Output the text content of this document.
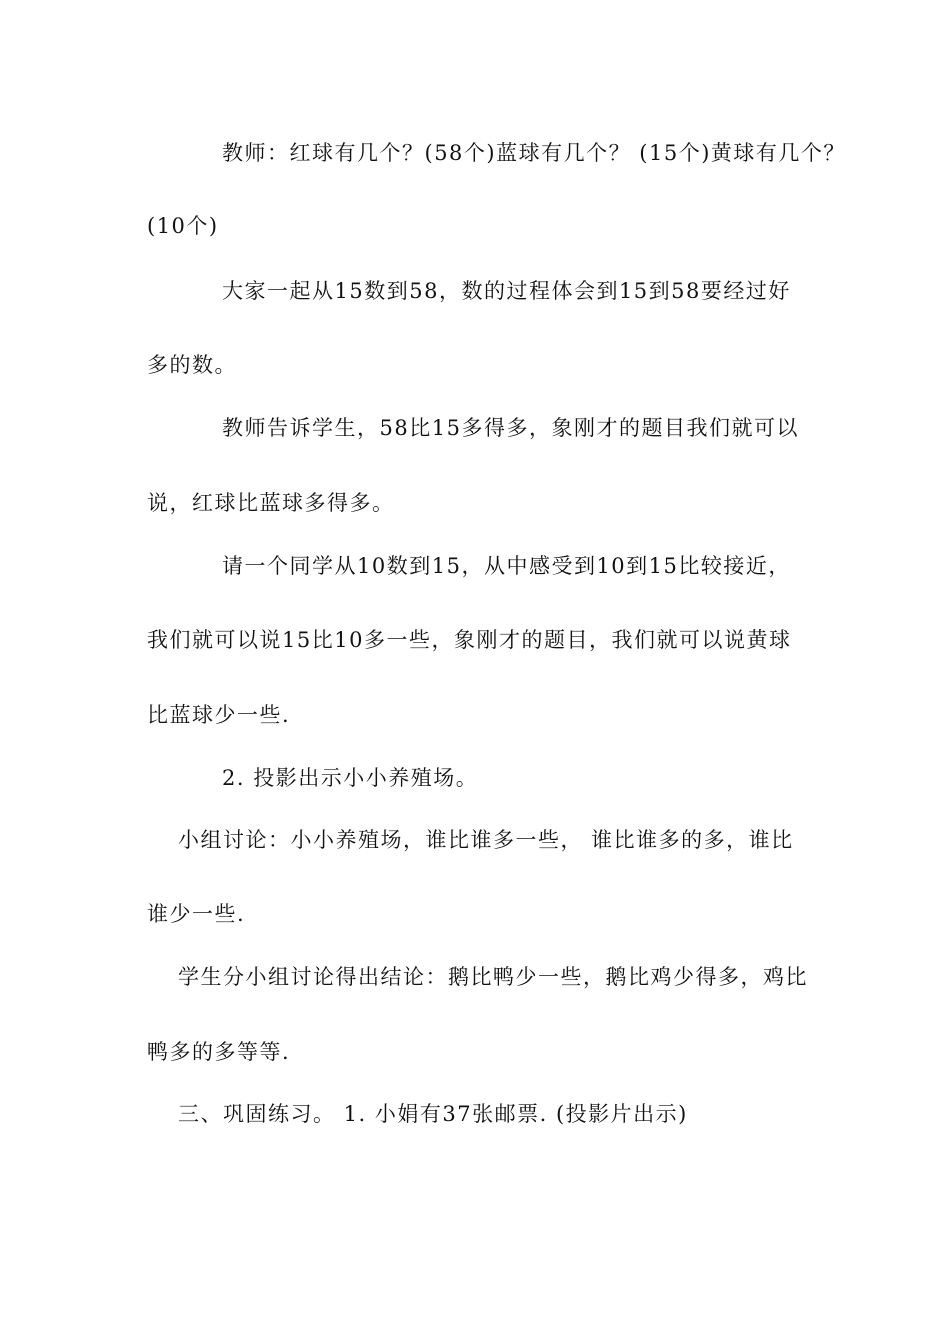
教师：红球有几个？(58个)蓝球有几个？ (15个)黄球有几个？
(10个)
大家一起从15数到58，数的过程体会到15到58要经过好
多的数。
教师告诉学生，58比15多得多，象刚才的题目我们就可以
说，红球比蓝球多得多。
请一个同学从10数到15，从中感受到10到15比较接近，
我们就可以说15比10多一些，象刚才的题目，我们就可以说黄球
比蓝球少一些.
2. 投影出示小小养殖场。
小组讨论：小小养殖场，谁比谁多一些， 谁比谁多的多，谁比
谁少一些.
学生分小组讨论得出结论：鹅比鸭少一些，鹅比鸡少得多，鸡比
鸭多的多等等.
三、巩固练习。 1. 小娟有37张邮票. (投影片出示)
